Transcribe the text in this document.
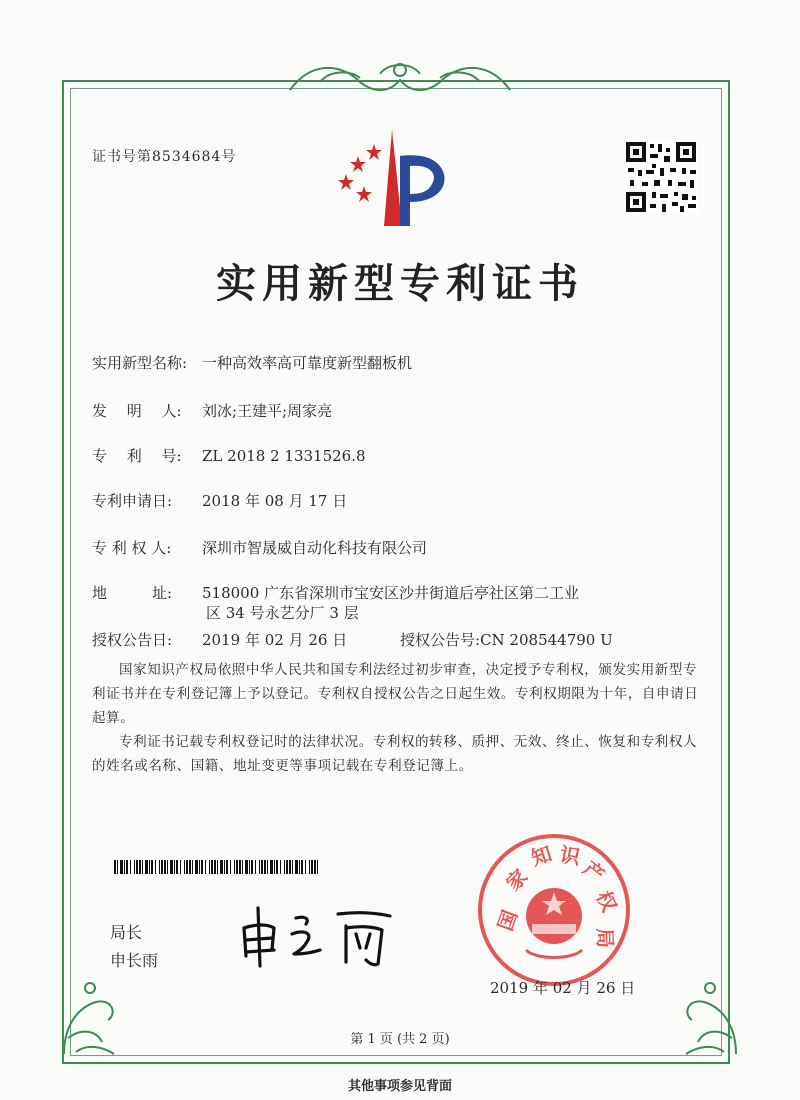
证书号第8534684号
实用新型专利证书
实用新型名称: 一种高效率高可靠度新型翻板机
发　 明 　人: 刘冰;王建平;周家亮
专　 利 　号: ZL 2018 2 1331526.8
专利申请日: 2018 年 08 月 17 日
专 利 权 人: 深圳市智晟威自动化科技有限公司
地　　　址: 518000 广东省深圳市宝安区沙井街道后亭社区第二工业
区 34 号永艺分厂 3 层
授权公告日: 2019 年 02 月 26 日	授权公告号:CN 208544790 U

国家知识产权局依照中华人民共和国专利法经过初步审查，决定授予专利权，颁发实用新型专利证书并在专利登记簿上予以登记。专利权自授权公告之日起生效。专利权期限为十年，自申请日起算。

专利证书记载专利权登记时的法律状况。专利权的转移、质押、无效、终止、恢复和专利权人的姓名或名称、国籍、地址变更等事项记载在专利登记簿上。

局长
申长雨
国
家
知 识
产
权
局
2019 年 02 月 26 日
第 1 页 (共 2 页)
其他事项参见背面
